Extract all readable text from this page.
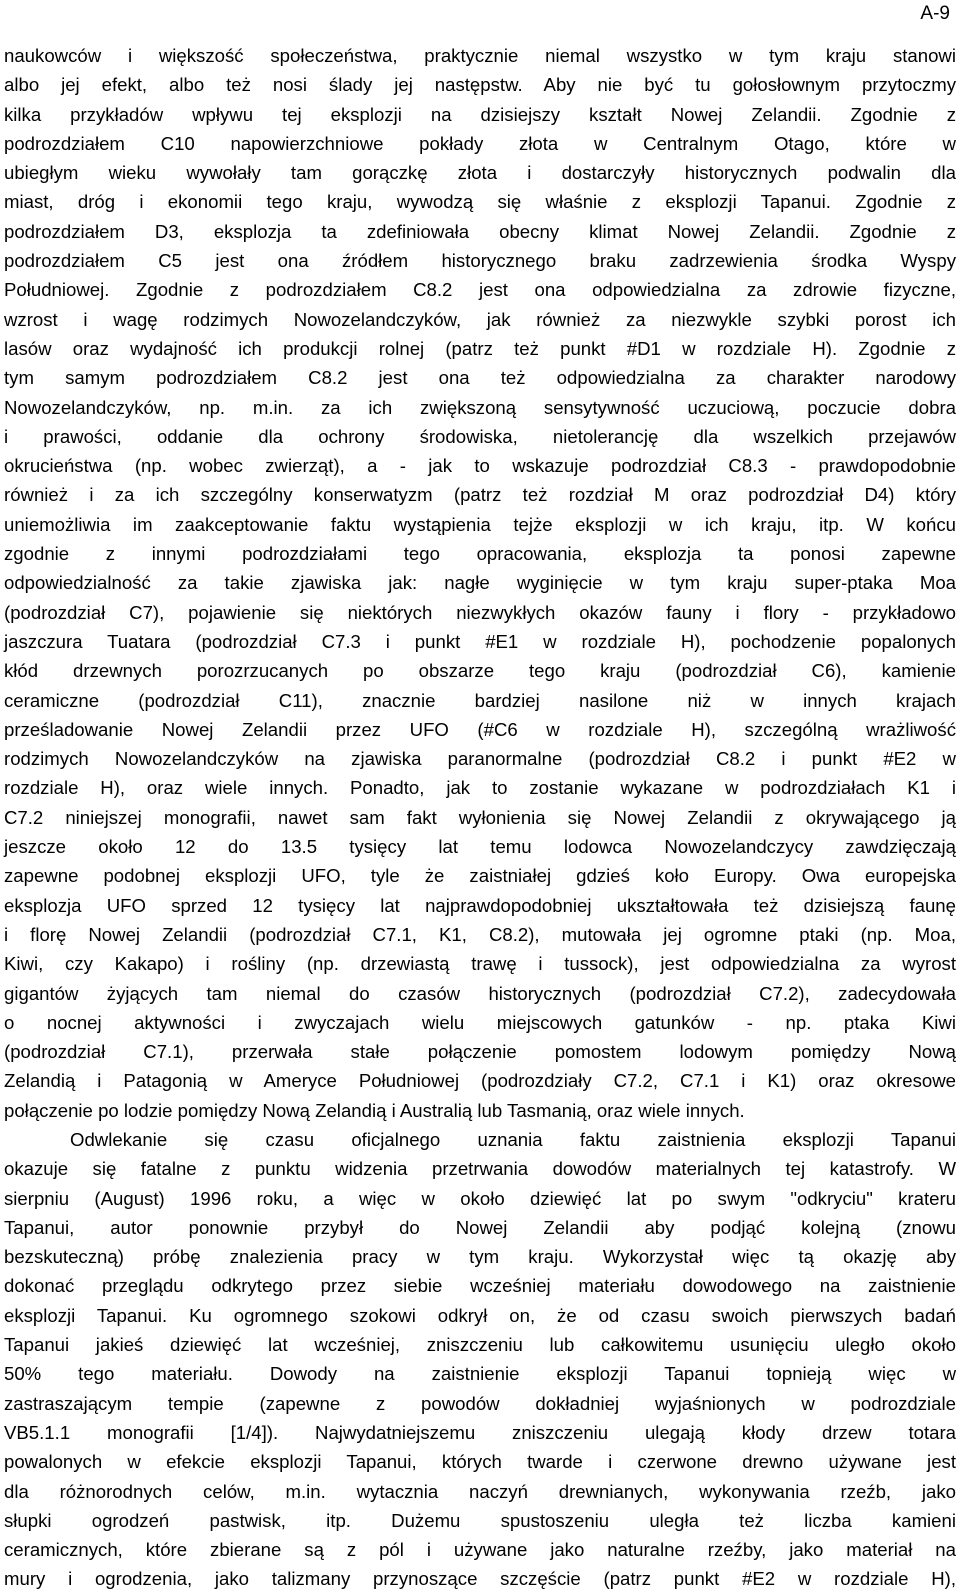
A-9

naukowców i większość społeczeństwa, praktycznie niemal wszystko w tym kraju stanowi
albo jej efekt, albo też nosi ślady jej następstw. Aby nie być tu gołosłownym przytoczmy
kilka przykładów wpływu tej eksplozji na dzisiejszy kształt Nowej Zelandii. Zgodnie z
podrozdziałem C10 napowierzchniowe pokłady złota w Centralnym Otago, które w
ubiegłym wieku wywołały tam gorączkę złota i dostarczyły historycznych podwalin dla
miast, dróg i ekonomii tego kraju, wywodzą się właśnie z eksplozji Tapanui. Zgodnie z
podrozdziałem D3, eksplozja ta zdefiniowała obecny klimat Nowej Zelandii. Zgodnie z
podrozdziałem C5 jest ona źródłem historycznego braku zadrzewienia środka Wyspy
Południowej. Zgodnie z podrozdziałem C8.2 jest ona odpowiedzialna za zdrowie fizyczne,
wzrost i wagę rodzimych Nowozelandczyków, jak również za niezwykle szybki porost ich
lasów oraz wydajność ich produkcji rolnej (patrz też punkt #D1 w rozdziale H). Zgodnie z
tym samym podrozdziałem C8.2 jest ona też odpowiedzialna za charakter narodowy
Nowozelandczyków, np. m.in. za ich zwiększoną sensytywność uczuciową, poczucie dobra
i prawości, oddanie dla ochrony środowiska, nietolerancję dla wszelkich przejawów
okrucieństwa (np. wobec zwierząt), a - jak to wskazuje podrozdział C8.3 - prawdopodobnie
również i za ich szczególny konserwatyzm (patrz też rozdział M oraz podrozdział D4) który
uniemożliwia im zaakceptowanie faktu wystąpienia tejże eksplozji w ich kraju, itp. W końcu
zgodnie z innymi podrozdziałami tego opracowania, eksplozja ta ponosi zapewne
odpowiedzialność za takie zjawiska jak: nagłe wyginięcie w tym kraju super-ptaka Moa
(podrozdział C7), pojawienie się niektórych niezwykłych okazów fauny i flory - przykładowo
jaszczura Tuatara (podrozdział C7.3 i punkt #E1 w rozdziale H), pochodzenie popalonych
kłód drzewnych porozrzucanych po obszarze tego kraju (podrozdział C6), kamienie
ceramiczne (podrozdział C11), znacznie bardziej nasilone niż w innych krajach
prześladowanie Nowej Zelandii przez UFO (#C6 w rozdziale H), szczególną wrażliwość
rodzimych Nowozelandczyków na zjawiska paranormalne (podrozdział C8.2 i punkt #E2 w
rozdziale H), oraz wiele innych. Ponadto, jak to zostanie wykazane w podrozdziałach K1 i
C7.2 niniejszej monografii, nawet sam fakt wyłonienia się Nowej Zelandii z okrywającego ją
jeszcze około 12 do 13.5 tysięcy lat temu lodowca Nowozelandczycy zawdzięczają
zapewne podobnej eksplozji UFO, tyle że zaistniałej gdzieś koło Europy. Owa europejska
eksplozja UFO sprzed 12 tysięcy lat najprawdopodobniej ukształtowała też dzisiejszą faunę
i florę Nowej Zelandii (podrozdział C7.1, K1, C8.2), mutowała jej ogromne ptaki (np. Moa,
Kiwi, czy Kakapo) i rośliny (np. drzewiastą trawę i tussock), jest odpowiedzialna za wyrost
gigantów żyjących tam niemal do czasów historycznych (podrozdział C7.2), zadecydowała
o nocnej aktywności i zwyczajach wielu miejscowych gatunków - np. ptaka Kiwi
(podrozdział C7.1), przerwała stałe połączenie pomostem lodowym pomiędzy Nową
Zelandią i Patagonią w Ameryce Południowej (podrozdziały C7.2, C7.1 i K1) oraz okresowe
połączenie po lodzie pomiędzy Nową Zelandią i Australią lub Tasmanią, oraz wiele innych.

Odwlekanie się czasu oficjalnego uznania faktu zaistnienia eksplozji Tapanui
okazuje się fatalne z punktu widzenia przetrwania dowodów materialnych tej katastrofy. W
sierpniu (August) 1996 roku, a więc w około dziewięć lat po swym "odkryciu" krateru
Tapanui, autor ponownie przybył do Nowej Zelandii aby podjąć kolejną (znowu
bezskuteczną) próbę znalezienia pracy w tym kraju. Wykorzystał więc tą okazję aby
dokonać przeglądu odkrytego przez siebie wcześniej materiału dowodowego na zaistnienie
eksplozji Tapanui. Ku ogromnego szokowi odkrył on, że od czasu swoich pierwszych badań
Tapanui jakieś dziewięć lat wcześniej, zniszczeniu lub całkowitemu usunięciu uległo około
50% tego materiału. Dowody na zaistnienie eksplozji Tapanui topnieją więc w
zastraszającym tempie (zapewne z powodów dokładniej wyjaśnionych w podrozdziale
VB5.1.1 monografii [1/4]). Najwydatniejszemu zniszczeniu ulegają kłody drzew totara
powalonych w efekcie eksplozji Tapanui, których twarde i czerwone drewno używane jest
dla różnorodnych celów, m.in. wytacznia naczyń drewnianych, wykonywania rzeźb, jako
słupki ogrodzeń pastwisk, itp. Dużemu spustoszeniu uległa też liczba kamieni
ceramicznych, które zbierane są z pól i używane jako naturalne rzeźby, jako materiał na
mury i ogrodzenia, jako talizmany przynoszące szczęście (patrz punkt #E2 w rozdziale H),
